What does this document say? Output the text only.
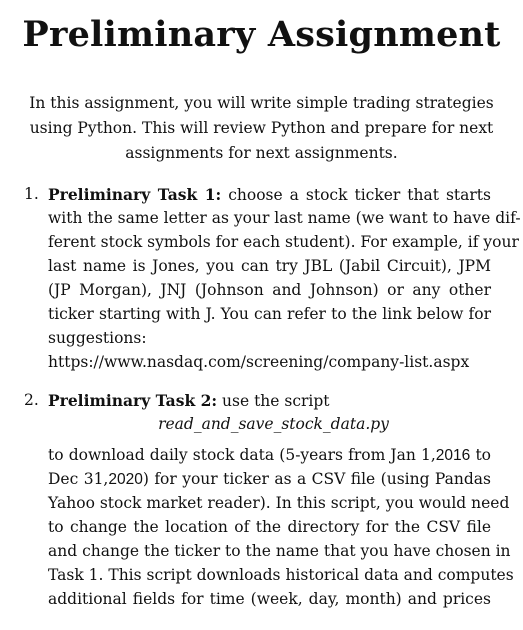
Preliminary Assignment
In this assignment, you will write simple trading strategies
using Python. This will review Python and prepare for next
assignments for next assignments.
1. Preliminary Task 1: choose a stock ticker that starts
with the same letter as your last name (we want to have dif-
ferent stock symbols for each student). For example, if your
last name is Jones, you can try JBL (Jabil Circuit), JPM
(JP Morgan), JNJ (Johnson and Johnson) or any other
ticker starting with J. You can refer to the link below for
suggestions:
https://www.nasdaq.com/screening/company-list.aspx
2. Preliminary Task 2: use the script
read_and_save_stock_data.py
to download daily stock data (5-years from Jan 1,2016 to
Dec 31,2020) for your ticker as a CSV file (using Pandas
Yahoo stock market reader). In this script, you would need
to change the location of the directory for the CSV file
and change the ticker to the name that you have chosen in
Task 1. This script downloads historical data and computes
additional fields for time (week, day, month) and prices
